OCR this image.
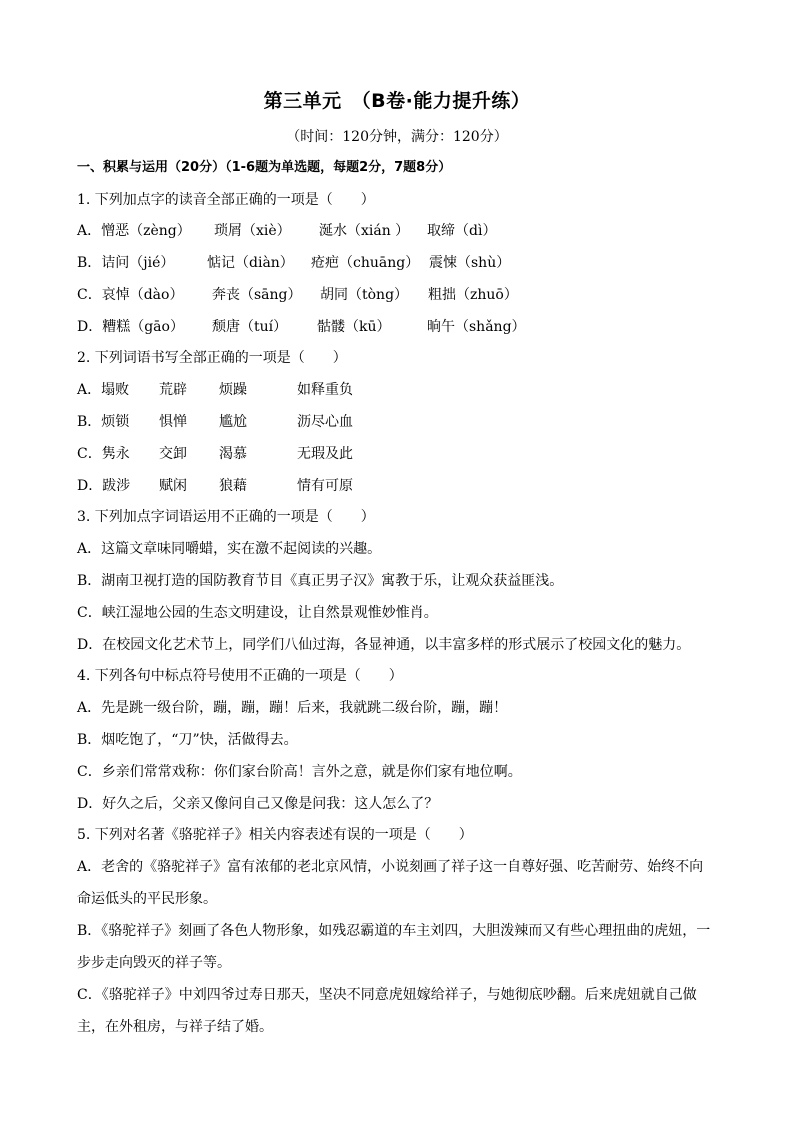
第三单元　（B卷·能力提升练）
（时间：120分钟，满分：120分）
一、积累与运用（20分）（1-6题为单选题，每题2分，7题8分）
1. 下列加点字的读音全部正确的一项是（　　）
A．憎恶（zèng） 琐屑（xiè） 涎水（xián ） 取缔（dì）
B．诘问（jié） 惦记（diàn） 疮疤（chuāng） 震悚（shù）
C．哀悼（dào） 奔丧（sāng） 胡同（tòng） 粗拙（zhuō）
D．糟糕（gāo） 颓唐（tuí） 骷髅（kū）	晌午（shǎng）
2. 下列词语书写全部正确的一项是（　　）
A．塌败 荒辟 烦躁	如释重负
B．烦锁 惧惮 尴尬	沥尽心血
C．隽永 交卸 渴慕	无瑕及此
D．跋涉 赋闲 狼藉	情有可原
3. 下列加点字词语运用不正确的一项是（　　）
A．这篇文章味同嚼蜡，实在激不起阅读的兴趣。
B．湖南卫视打造的国防教育节目《真正男子汉》寓教于乐，让观众获益匪浅。
C．峡江湿地公园的生态文明建设，让自然景观惟妙惟肖。
D．在校园文化艺术节上，同学们八仙过海，各显神通，以丰富多样的形式展示了校园文化的魅力。
4. 下列各句中标点符号使用不正确的一项是（　　）
A．先是跳一级台阶，蹦，蹦，蹦！后来，我就跳二级台阶，蹦，蹦！
B．烟吃饱了，“刀”快，活做得去。
C．乡亲们常常戏称：你们家台阶高！言外之意，就是你们家有地位啊。
D．好久之后，父亲又像问自己又像是问我：这人怎么了？
5. 下列对名著《骆驼祥子》相关内容表述有误的一项是（　　）
A．老舍的《骆驼祥子》富有浓郁的老北京风情，小说刻画了祥子这一自尊好强、吃苦耐劳、始终不向命运低头的平民形象。
B．《骆驼祥子》刻画了各色人物形象，如残忍霸道的车主刘四，大胆泼辣而又有些心理扭曲的虎妞，一步步走向毁灭的祥子等。
C．《骆驼祥子》中刘四爷过寿日那天，坚决不同意虎妞嫁给祥子，与她彻底吵翻。后来虎妞就自己做主，在外租房，与祥子结了婚。
